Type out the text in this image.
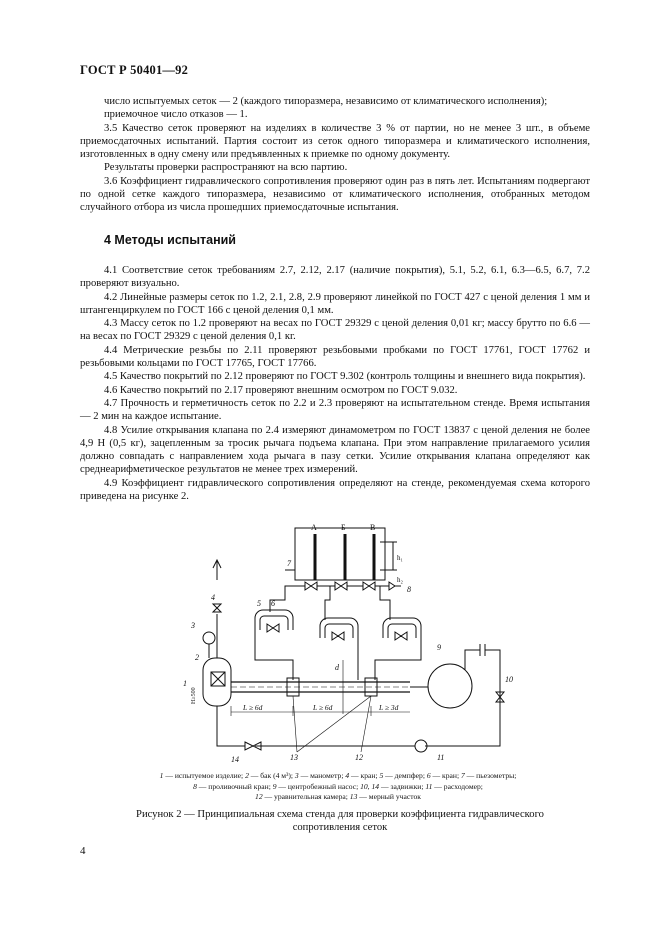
ГОСТ Р 50401—92

число испытуемых сеток — 2 (каждого типоразмера, независимо от климатического исполнения);

приемочное число отказов — 1.

3.5 Качество сеток проверяют на изделиях в количестве 3 % от партии, но не менее 3 шт., в объеме приемосдаточных испытаний. Партия состоит из сеток одного типоразмера и климатического исполнения, изготовленных в одну смену или предъявленных к приемке по одному документу.

Результаты проверки распространяют на всю партию.

3.6 Коэффициент гидравлического сопротивления проверяют один раз в пять лет. Испытаниям подвергают по одной сетке каждого типоразмера, независимо от климатического исполнения, отобранных методом случайного отбора из числа прошедших приемосдаточные испытания.

4 Методы испытаний

4.1 Соответствие сеток требованиям 2.7, 2.12, 2.17 (наличие покрытия), 5.1, 5.2, 6.1, 6.3—6.5, 6.7, 7.2 проверяют визуально.

4.2 Линейные размеры сеток по 1.2, 2.1, 2.8, 2.9 проверяют линейкой по ГОСТ 427 с ценой деления 1 мм и штангенциркулем по ГОСТ 166 с ценой деления 0,1 мм.

4.3 Массу сеток по 1.2 проверяют на весах по ГОСТ 29329 с ценой деления 0,01 кг; массу брутто по 6.6 — на весах по ГОСТ 29329 с ценой деления 0,1 кг.

4.4 Метрические резьбы по 2.11 проверяют резьбовыми пробками по ГОСТ 17761, ГОСТ 17762 и резьбовыми кольцами по ГОСТ 17765, ГОСТ 17766.

4.5 Качество покрытий по 2.12 проверяют по ГОСТ 9.302 (контроль толщины и внешнего вида покрытия).

4.6 Качество покрытий по 2.17 проверяют внешним осмотром по ГОСТ 9.032.

4.7 Прочность и герметичность сеток по 2.2 и 2.3 проверяют на испытательном стенде. Время испытания — 2 мин на каждое испытание.

4.8 Усилие открывания клапана по 2.4 измеряют динамометром по ГОСТ 13837 с ценой деления не более 4,9 Н (0,5 кг), зацепленным за тросик рычага подъема клапана. При этом направление прилагаемого усилия должно совпадать с направлением хода рычага в пазу сетки. Усилие открывания клапана определяют как среднеарифметическое результатов не менее трех измерений.

4.9 Коэффициент гидравлического сопротивления определяют на стенде, рекомендуемая схема которого приведена на рисунке 2.

А	Б	В
h₁
h₂
7
8
5 6
d
4
3
2
1
H≥500
L ≥ 6d	L ≥ 6d	L ≥ 3d
9
10
11
12
13
14
1 — испытуемое изделие; 2 — бак (4 м³); 3 — манометр; 4 — кран; 5 — демпфер; 6 — кран; 7 — пьезометры;
8 — проливочный кран; 9 — центробежный насос; 10, 14 — задвижки; 11 — расходомер;
12 — уравнительная камера; 13 — мерный участок
Рисунок 2 — Принципиальная схема стенда для проверки коэффициента гидравлического сопротивления сеток
4
